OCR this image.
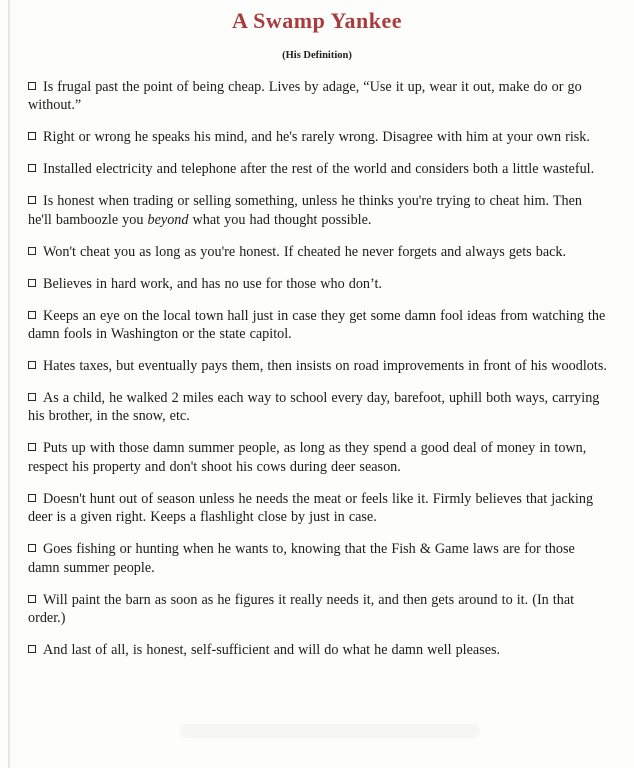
A Swamp Yankee
(His Definition)

Is frugal past the point of being cheap. Lives by adage, “Use it up, wear it out, make do or go without.”

Right or wrong he speaks his mind, and he's rarely wrong. Disagree with him at your own risk.

Installed electricity and telephone after the rest of the world and considers both a little wasteful.

Is honest when trading or selling something, unless he thinks you're trying to cheat him. Then he'll bamboozle you beyond what you had thought possible.

Won't cheat you as long as you're honest. If cheated he never forgets and always gets back.

Believes in hard work, and has no use for those who don’t.

Keeps an eye on the local town hall just in case they get some damn fool ideas from watching the damn fools in Washington or the state capitol.

Hates taxes, but eventually pays them, then insists on road improvements in front of his woodlots.

As a child, he walked 2 miles each way to school every day, barefoot, uphill both ways, carrying his brother, in the snow, etc.

Puts up with those damn summer people, as long as they spend a good deal of money in town, respect his property and don't shoot his cows during deer season.

Doesn't hunt out of season unless he needs the meat or feels like it. Firmly believes that jacking deer is a given right. Keeps a flashlight close by just in case.

Goes fishing or hunting when he wants to, knowing that the Fish & Game laws are for those damn summer people.

Will paint the barn as soon as he figures it really needs it, and then gets around to it. (In that order.)

And last of all, is honest, self-sufficient and will do what he damn well pleases.
